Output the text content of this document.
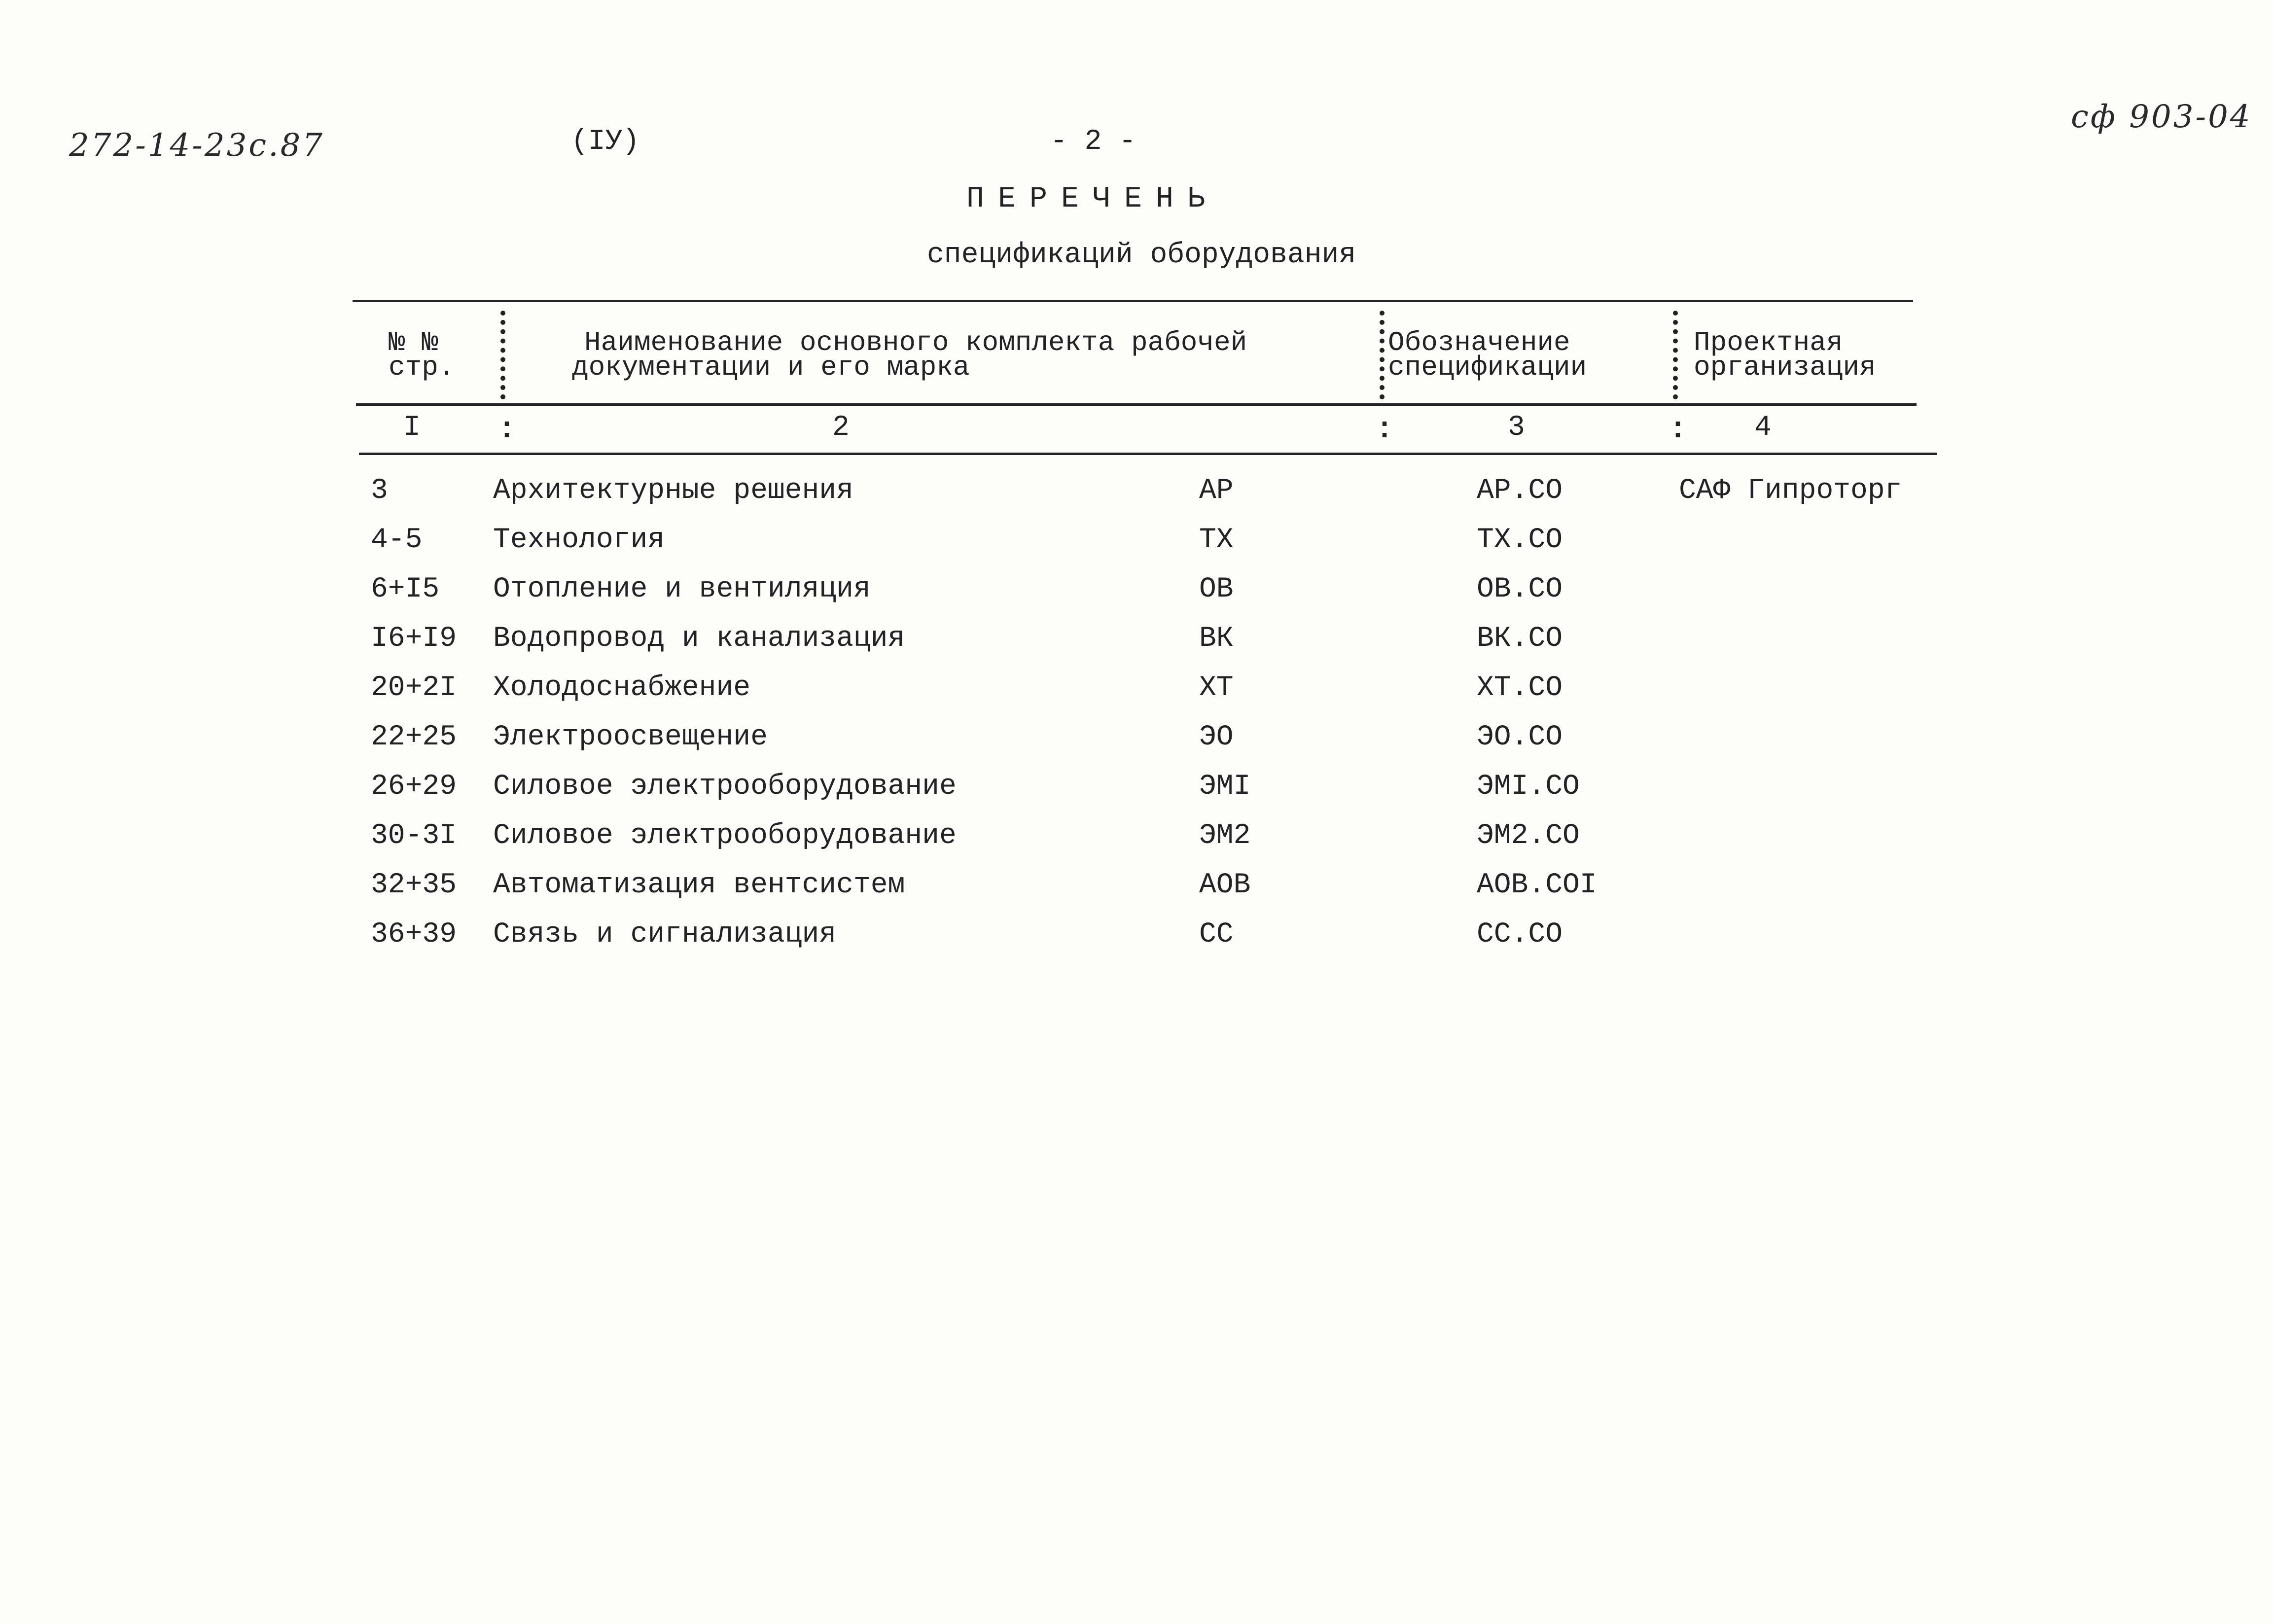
272-14-23с.87
сф 903-04
(IУ)	- 2 -
ПЕРЕЧЕНЬ
спецификаций оборудования
№ №
стр.
Наименование основного комплекта рабочей
документации и его марка
Обозначение
спецификации
Проектная
организация
I	:	2	:	3	: 4
3	Архитектурные решения	АР	АР.СО	САФ Гипроторг
4-5 Технология	ТХ	ТХ.СО
6+I5 Отопление и вентиляция	ОВ	ОВ.СО
I6+I9 Водопровод и канализация	ВК	ВК.СО
20+2I Холодоснабжение	ХТ	ХТ.СО
22+25 Электроосвещение	ЭО	ЭО.СО
26+29 Силовое электрооборудование	ЭМI	ЭМI.СО
30-3I Силовое электрооборудование	ЭМ2	ЭМ2.СО
32+35 Автоматизация вентсистем	АОВ	АОВ.СОI
36+39 Связь и сигнализация	СС	СС.СО
